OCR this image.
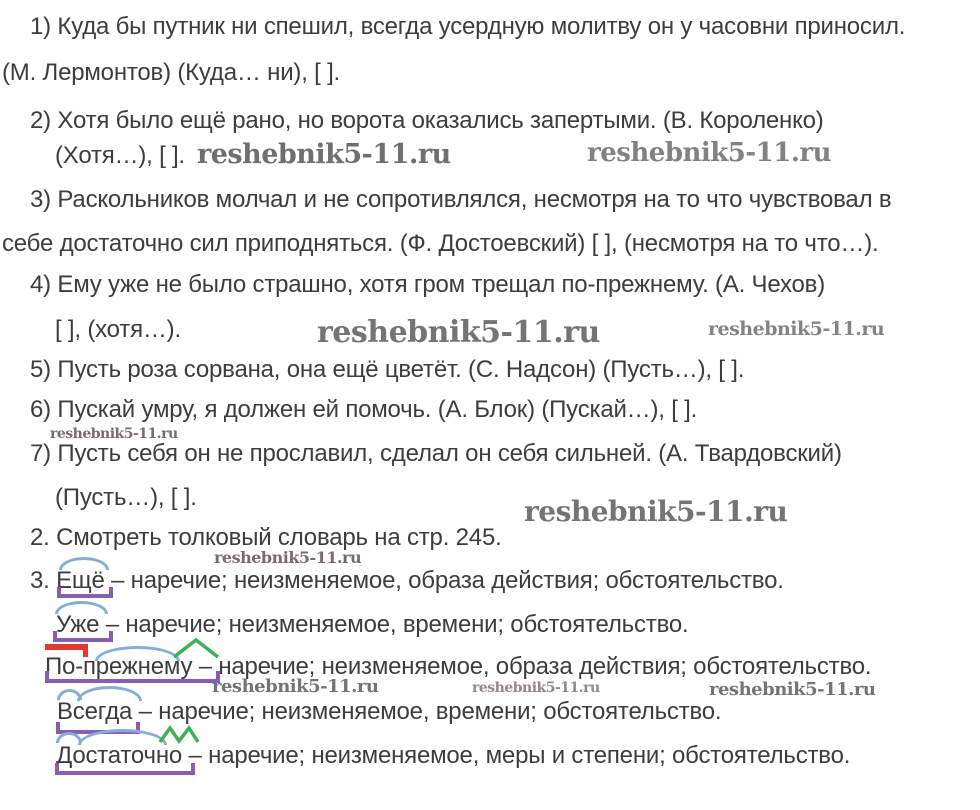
1) Куда бы путник ни спешил, всегда усердную молитву он у часовни приносил.
(М. Лермонтов) (Куда… ни), [ ].
2) Хотя было ещё рано, но ворота оказались запертыми. (В. Короленко)
(Хотя…), [ ].
3) Раскольников молчал и не сопротивлялся, несмотря на то что чувствовал в
себе достаточно сил приподняться. (Ф. Достоевский) [ ], (несмотря на то что…).
4) Ему уже не было страшно, хотя гром трещал по-прежнему. (А. Чехов)
[ ], (хотя…).
5) Пусть роза сорвана, она ещё цветёт. (С. Надсон) (Пусть…), [ ].
6) Пускай умру, я должен ей помочь. (А. Блок) (Пускай…), [ ].
7) Пусть себя он не прославил, сделал он себя сильней. (А. Твардовский)
(Пусть…), [ ].
2. Смотреть толковый словарь на стр. 245.
3. Ещё – наречие; неизменяемое, образа действия; обстоятельство.
Уже – наречие; неизменяемое, времени; обстоятельство.
По-прежнему – наречие; неизменяемое, образа действия; обстоятельство.
Всегда – наречие; неизменяемое, времени; обстоятельство.
Достаточно – наречие; неизменяемое, меры и степени; обстоятельство.
reshebnik5-11.ru	reshebnik5-11.ru
reshebnik5-11.ru	reshebnik5-11.ru
reshebnik5-11.ru
reshebnik5-11.ru
reshebnik5-11.ru
reshebnik5-11.ru	reshebnik5-11.ru	reshebnik5-11.ru
